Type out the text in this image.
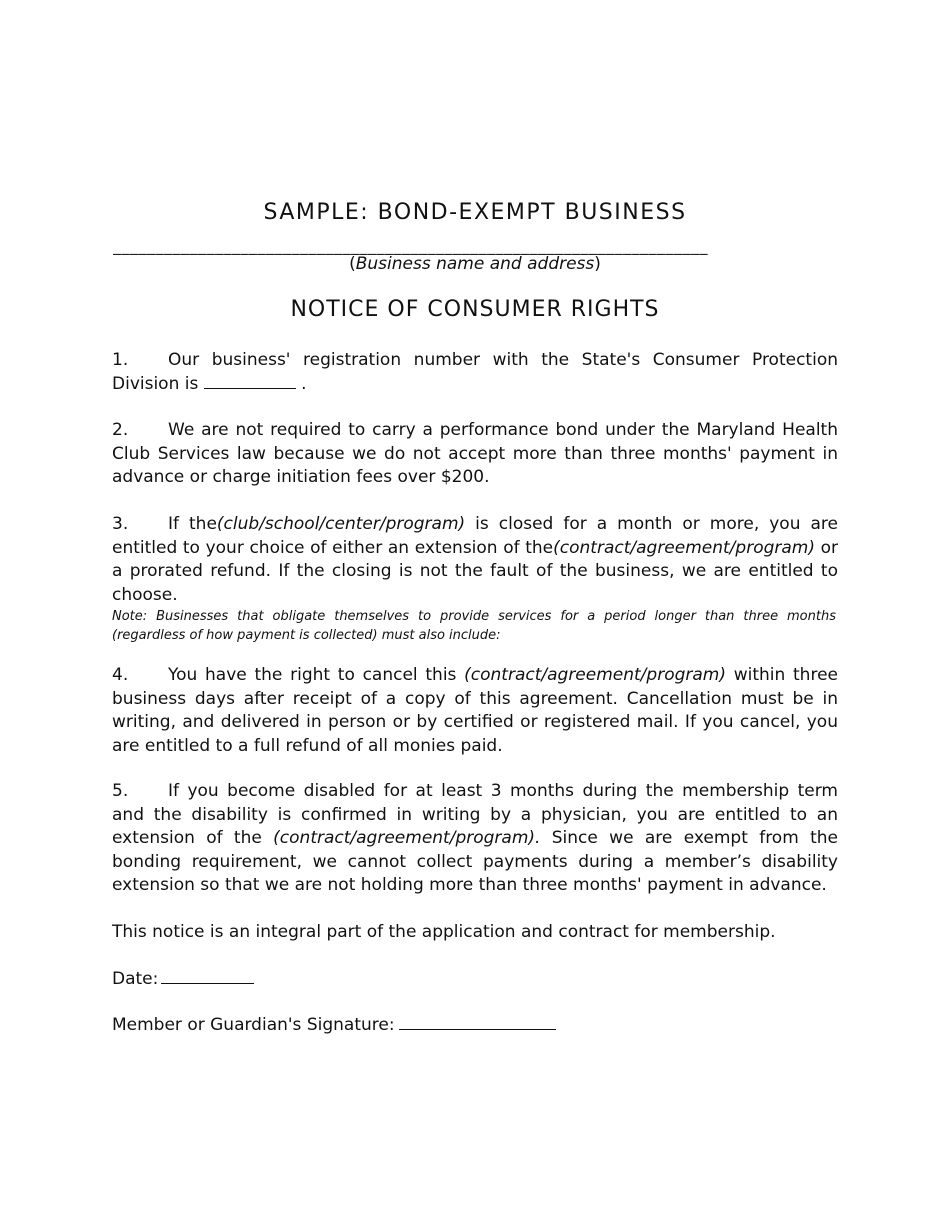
SAMPLE: BOND-EXEMPT BUSINESS
______________________________________________________________________
(Business name and address)
NOTICE OF CONSUMER RIGHTS

1. Our business' registration number with the State's Consumer Protection Division is	.

2. We are not required to carry a performance bond under the Maryland Health Club Services law because we do not accept more than three months' payment in advance or charge initiation fees over $200.

3. If the(club/school/center/program) is closed for a month or more, you are entitled to your choice of either an extension of the(contract/agreement/program) or a prorated refund. If the closing is not the fault of the business, we are entitled to choose.

Note: Businesses that obligate themselves to provide services for a period longer than three months (regardless of how payment is collected) must also include:

4. You have the right to cancel this (contract/agreement/program) within three business days after receipt of a copy of this agreement. Cancellation must be in writing, and delivered in person or by certified or registered mail. If you cancel, you are entitled to a full refund of all monies paid.

5. If you become disabled for at least 3 months during the membership term and the disability is confirmed in writing by a physician, you are entitled to an extension of the (contract/agreement/program). Since we are exempt from the bonding requirement, we cannot collect payments during a member’s disability extension so that we are not holding more than three months' payment in advance.

This notice is an integral part of the application and contract for membership.

Date:
Member or Guardian's Signature:
